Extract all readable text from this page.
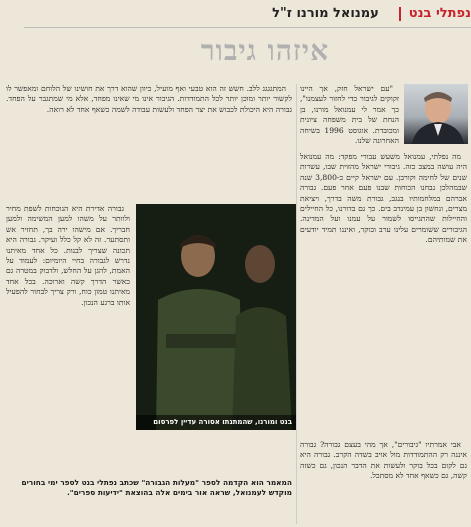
עמנואל מורנו ז"ל נפתלי בנט
איזהו גיבור

"עם ישראל חזק, אך היינו זקוקים לגיבור כדי לחזור לעצמנו", כך אמר לי עמנואל מורנו, בן הנחת של בית משפחה ציונית ומכובדת. אוגוסט 1996 בשיחה האחרונה שלנו.

מה נפלתי, עמנואל משעש עבורי מפקד: מה עמנואל היה עושה במצב כזה. גיבורי ישראל מהזוית שבו, עשרות שנים של לחימה וקורבן. עם ישראל קיים כ-3,800 שנה שבמהלכן נבחנו הכוחות שבנו פעם אחר פעם. גבורה אברהם במלחמותיו בנגב, גבורת משה בדרך, ויציאת מצרים, ונחשון בן עמינדב בים. כך גם בדורנו, כל החיילים והחיילות שהתגייסו לשמור על עמנו ועל המדינה. הגיבורים ששומרים עלינו ערב ובוקר, ואיננו תמיד יודעים את שמותיהם.

המתגגגג ללב. חשש זה הוא טבעי ואף מועיל, כיוון שהוא דרך את חושינו של הלוחם ומאפשר לו לקשור יותר ומוכן יותר לכל התמודדות. הגיבור אינו מי שאינו מפחד, אלא מי שמתגבר על הפחד. גבורה היא היכולת לכבוש את יצר הפחד ולעשות עבודה לשמה כשאף אחד לא רואה.

גבורה אדירת היא הנוכחות לשפת מחיר ולוותר על משהו למען המשימה ולמען חבריך. אם מישהו ירה בך, תחזיר אש ותסתער. זה לא קל כלל ועיקר. גבורה היא תכונה שצריך לבנות. כל אחד מאיתנו נדרש לגבורה בחיי היומיום: לעמוד על האמת, להגן על החלש, ולדבוק במטרה גם כאשר הדרך קשה וארוכה. בכל אחד מאיתנו טמון כוח, ורק צריך לבחור להפעיל אותו ברגע הנכון.

בנט ומורנו, שהמתנתו אסורה עדיין לפרסום

אבי אמרתיו "גיבורים", אך מהי בעצם גבורה? גבורה איננה רק ההתמודדות מול אויב בשדה הקרב. גבורה היא גם לקום בכל בוקר ולעשות את הדבר הנכון, גם כשזה קשה, גם כשאף אחד לא מסתכל.

המאמר הוא הקדמה לספר "מעלות הגבורה" שכתב נפתלי בנט לספר ימי בחורים מוקדש לעמנואל, שראה אור בימים אלה בהוצאת "ידיעות ספרים".
